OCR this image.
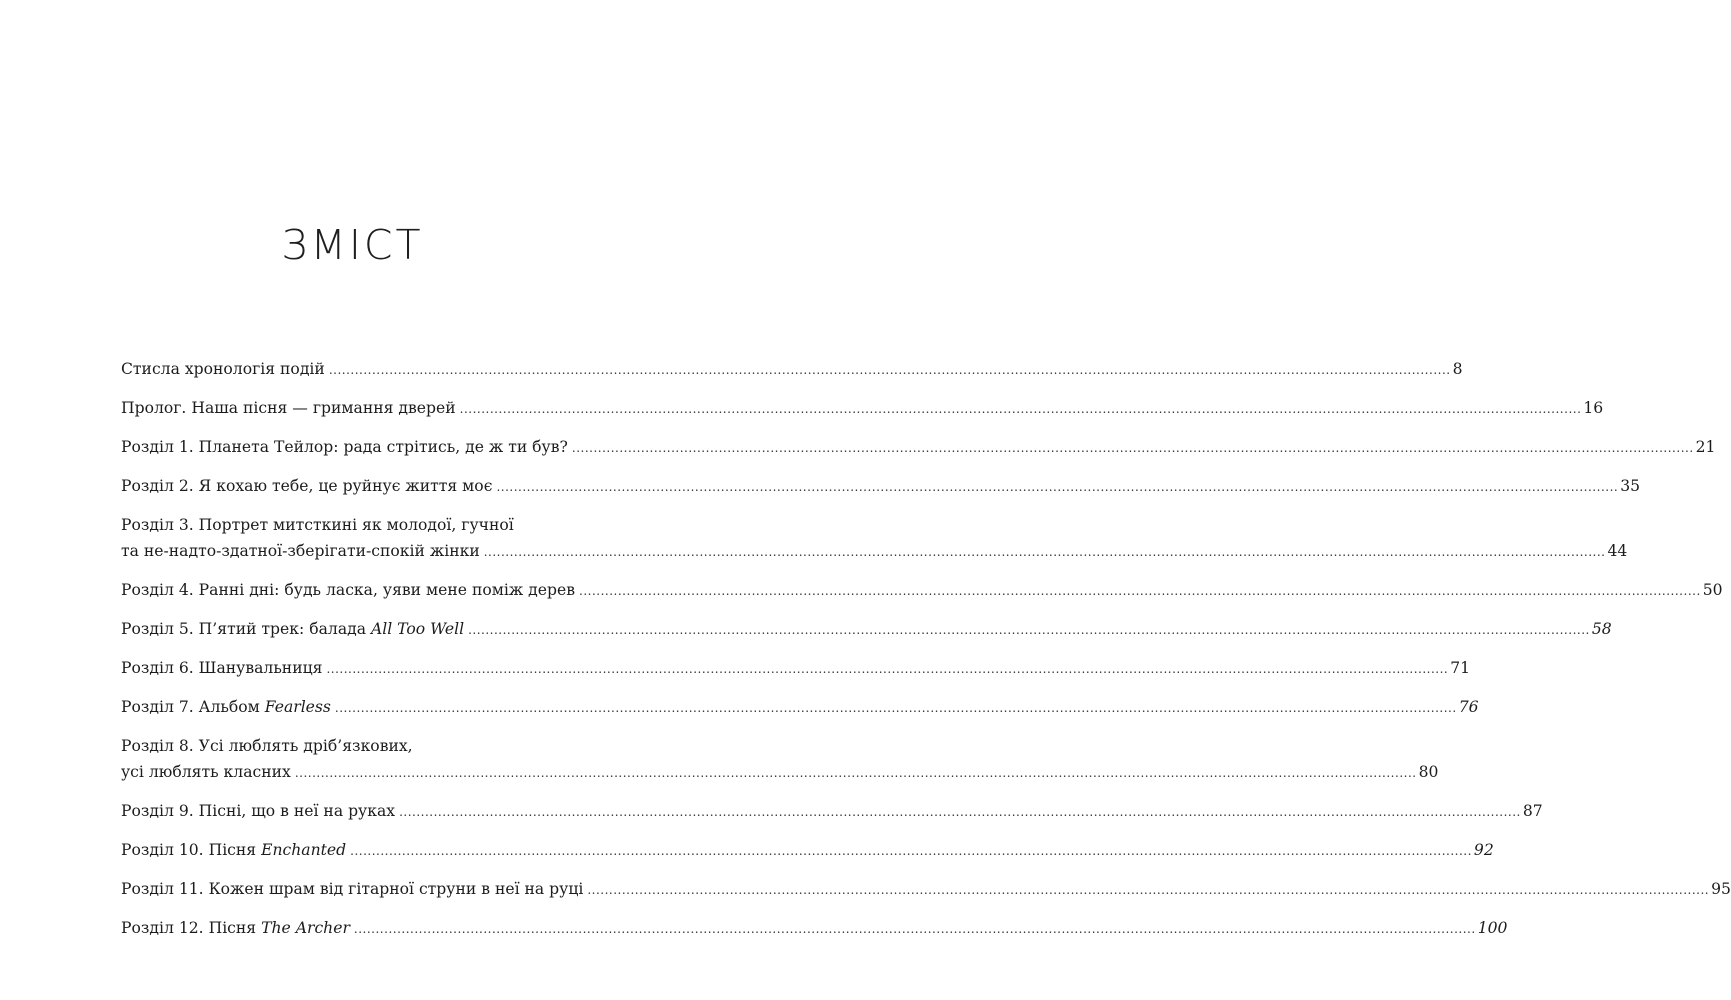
ЗМІСТ
Стисла хронологія подій .................................................................................................................................................................................................................................................................... 8
Пролог. Наша пісня — гримання дверей .................................................................................................................................................................................................................................................................... 16
Розділ 1. Планета Тейлор: рада стрітись, де ж ти був? .................................................................................................................................................................................................................................................................... 21
Розділ 2. Я кохаю тебе, це руйнує життя моє .................................................................................................................................................................................................................................................................... 35
Розділ 3. Портрет митсткині як молодої, гучної
та не-надто-здатної-зберігати-спокій жінки .................................................................................................................................................................................................................................................................... 44
Розділ 4. Ранні дні: будь ласка, уяви мене поміж дерев .................................................................................................................................................................................................................................................................... 50
Розділ 5. П’ятий трек: балада All Too Well .................................................................................................................................................................................................................................................................... 58
Розділ 6. Шанувальниця .................................................................................................................................................................................................................................................................... 71
Розділ 7. Альбом Fearless .................................................................................................................................................................................................................................................................... 76
Розділ 8. Усі люблять дріб’язкових,
усі люблять класних .................................................................................................................................................................................................................................................................... 80
Розділ 9. Пісні, що в неї на руках .................................................................................................................................................................................................................................................................... 87
Розділ 10. Пісня Enchanted .................................................................................................................................................................................................................................................................... 92
Розділ 11. Кожен шрам від гітарної струни в неї на руці .................................................................................................................................................................................................................................................................... 95
Розділ 12. Пісня The Archer .................................................................................................................................................................................................................................................................... 100
